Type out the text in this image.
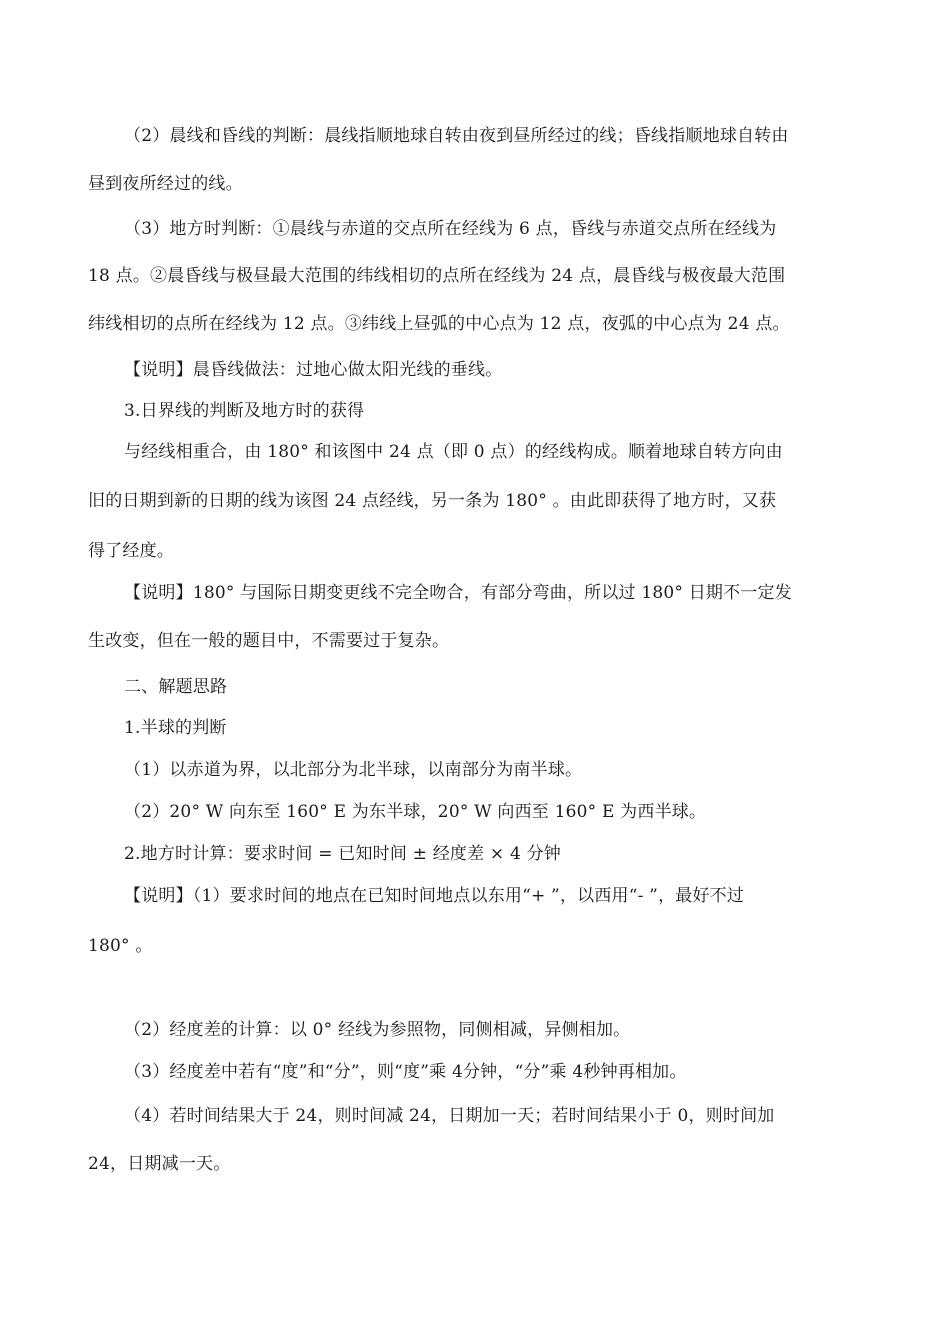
（2）晨线和昏线的判断：晨线指顺地球自转由夜到昼所经过的线；昏线指顺地球自转由
昼到夜所经过的线。
（3）地方时判断：①晨线与赤道的交点所在经线为 6 点，昏线与赤道交点所在经线为
18 点。②晨昏线与极昼最大范围的纬线相切的点所在经线为 24 点，晨昏线与极夜最大范围
纬线相切的点所在经线为 12 点。③纬线上昼弧的中心点为 12 点，夜弧的中心点为 24 点。
【说明】晨昏线做法：过地心做太阳光线的垂线。
3.日界线的判断及地方时的获得
与经线相重合，由 180° 和该图中 24 点（即 0 点）的经线构成。顺着地球自转方向由
旧的日期到新的日期的线为该图 24 点经线，另一条为 180° 。由此即获得了地方时，又获
得了经度。
【说明】180° 与国际日期变更线不完全吻合，有部分弯曲，所以过 180° 日期不一定发
生改变，但在一般的题目中，不需要过于复杂。
二、解题思路
1.半球的判断
（1）以赤道为界，以北部分为北半球，以南部分为南半球。
（2）20° W 向东至 160° E 为东半球，20° W 向西至 160° E 为西半球。
2.地方时计算：要求时间 = 已知时间 ± 经度差 × 4 分钟
【说明】（1）要求时间的地点在已知时间地点以东用“+ ”，以西用“- ”，最好不过
180° 。
（2）经度差的计算：以 0° 经线为参照物，同侧相减，异侧相加。
（3）经度差中若有“度”和“分”，则“度”乘 4分钟，“分”乘 4秒钟再相加。
（4）若时间结果大于 24，则时间减 24，日期加一天；若时间结果小于 0，则时间加
24，日期减一天。
